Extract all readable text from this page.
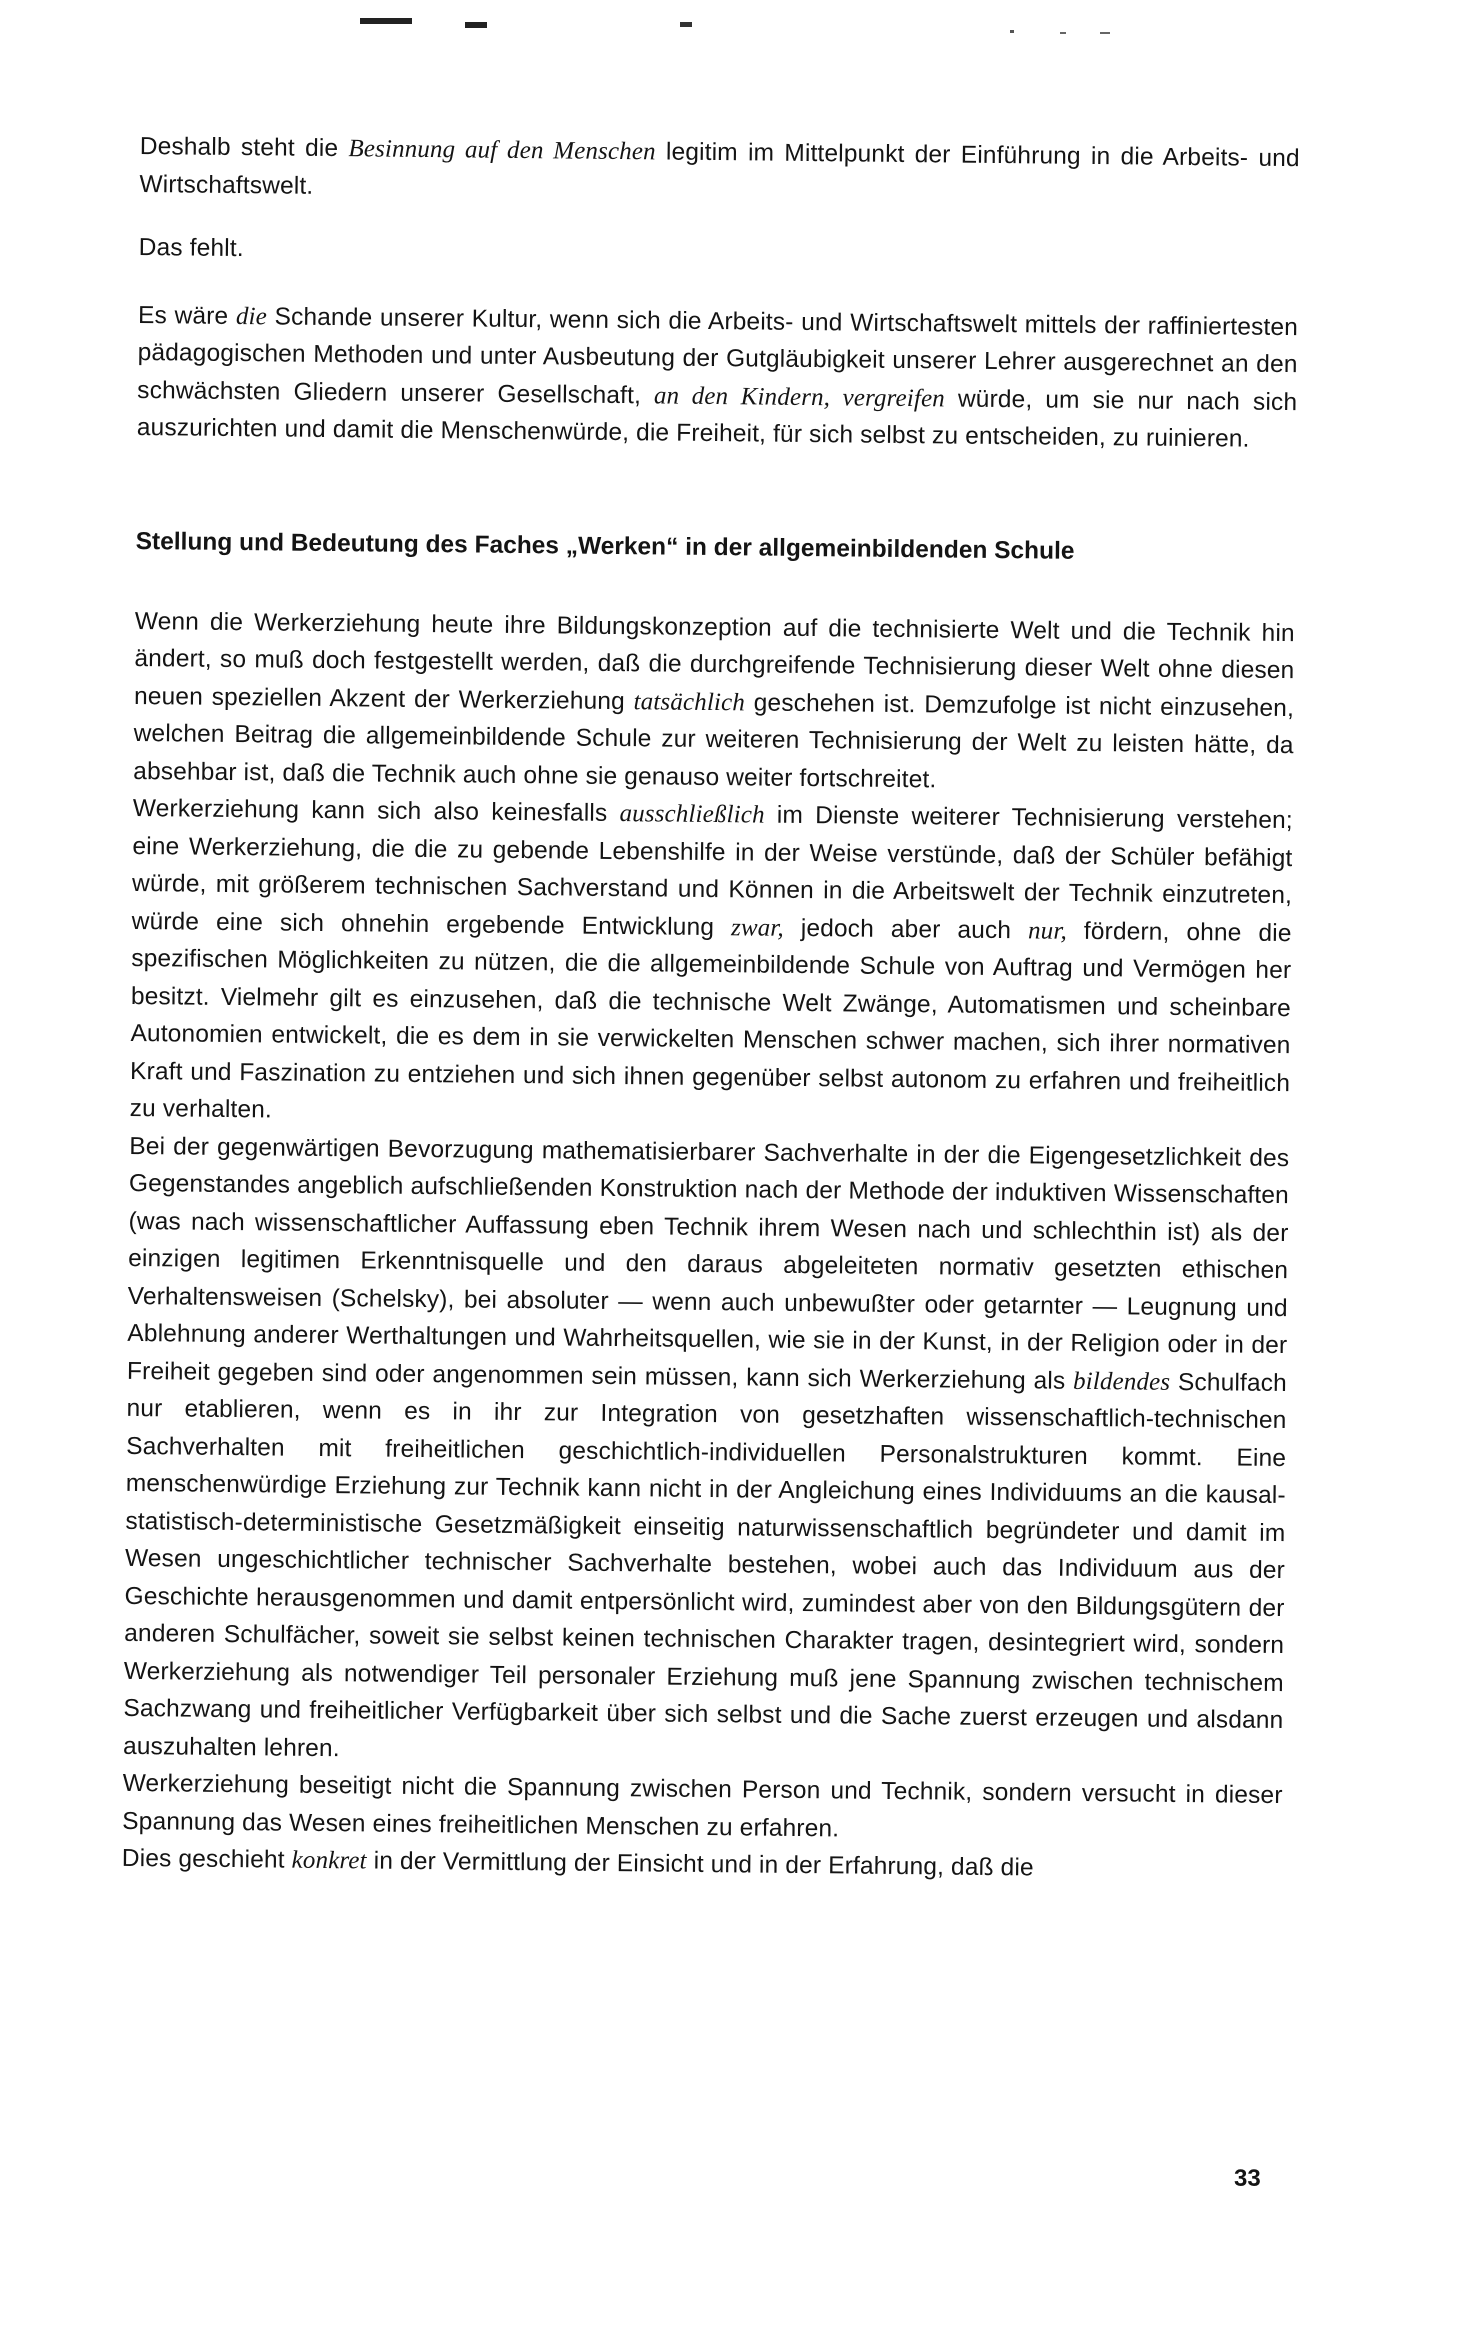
Deshalb steht die Besinnung auf den Menschen legitim im Mittelpunkt der Einführung in die Arbeits- und Wirtschaftswelt.

Das fehlt.

Es wäre die Schande unserer Kultur, wenn sich die Arbeits- und Wirtschaftswelt mittels der raffiniertesten pädagogischen Methoden und unter Ausbeutung der Gutgläubigkeit unserer Lehrer ausgerechnet an den schwächsten Gliedern unserer Gesellschaft, an den Kindern, vergreifen würde, um sie nur nach sich auszurichten und damit die Menschenwürde, die Freiheit, für sich selbst zu entscheiden, zu ruinieren.

Stellung und Bedeutung des Faches „Werken“ in der allgemeinbildenden Schule

Wenn die Werkerziehung heute ihre Bildungskonzeption auf die technisierte Welt und die Technik hin ändert, so muß doch festgestellt werden, daß die durchgreifende Technisierung dieser Welt ohne diesen neuen speziellen Akzent der Werkerziehung tatsächlich geschehen ist. Demzufolge ist nicht einzusehen, welchen Beitrag die allgemeinbildende Schule zur weiteren Technisierung der Welt zu leisten hätte, da absehbar ist, daß die Technik auch ohne sie genauso weiter fortschreitet.

Werkerziehung kann sich also keinesfalls ausschließlich im Dienste weiterer Technisierung verstehen; eine Werkerziehung, die die zu gebende Lebenshilfe in der Weise verstünde, daß der Schüler befähigt würde, mit größerem technischen Sachverstand und Können in die Arbeitswelt der Technik einzutreten, würde eine sich ohnehin ergebende Entwicklung zwar, jedoch aber auch nur, fördern, ohne die spezifischen Möglichkeiten zu nützen, die die allgemeinbildende Schule von Auftrag und Vermögen her besitzt. Vielmehr gilt es einzusehen, daß die technische Welt Zwänge, Automatismen und scheinbare Autonomien entwickelt, die es dem in sie verwickelten Menschen schwer machen, sich ihrer normativen Kraft und Faszination zu entziehen und sich ihnen gegenüber selbst autonom zu erfahren und freiheitlich zu verhalten.

Bei der gegenwärtigen Bevorzugung mathematisierbarer Sachverhalte in der die Eigengesetzlichkeit des Gegenstandes angeblich aufschließenden Konstruktion nach der Methode der induktiven Wissenschaften (was nach wissenschaftlicher Auffassung eben Technik ihrem Wesen nach und schlechthin ist) als der einzigen legitimen Erkenntnisquelle und den daraus abgeleiteten normativ gesetzten ethischen Verhaltensweisen (Schelsky), bei absoluter — wenn auch unbewußter oder getarnter — Leugnung und Ablehnung anderer Werthaltungen und Wahrheitsquellen, wie sie in der Kunst, in der Religion oder in der Freiheit gegeben sind oder angenommen sein müssen, kann sich Werkerziehung als bildendes Schulfach nur etablieren, wenn es in ihr zur Integration von gesetzhaften wissenschaftlich-technischen Sachverhalten mit freiheitlichen geschichtlich-individuellen Personalstrukturen kommt. Eine menschenwürdige Erziehung zur Technik kann nicht in der Angleichung eines Individuums an die kausal-statistisch-deterministische Gesetzmäßigkeit einseitig naturwissenschaftlich begründeter und damit im Wesen ungeschichtlicher technischer Sachverhalte bestehen, wobei auch das Individuum aus der Geschichte herausgenommen und damit entpersönlicht wird, zumindest aber von den Bildungsgütern der anderen Schulfächer, soweit sie selbst keinen technischen Charakter tragen, desintegriert wird, sondern Werkerziehung als notwendiger Teil personaler Erziehung muß jene Spannung zwischen technischem Sachzwang und freiheitlicher Verfügbarkeit über sich selbst und die Sache zuerst erzeugen und alsdann auszuhalten lehren.

Werkerziehung beseitigt nicht die Spannung zwischen Person und Technik, sondern versucht in dieser Spannung das Wesen eines freiheitlichen Menschen zu erfahren.

Dies geschieht konkret in der Vermittlung der Einsicht und in der Erfahrung, daß die

33
